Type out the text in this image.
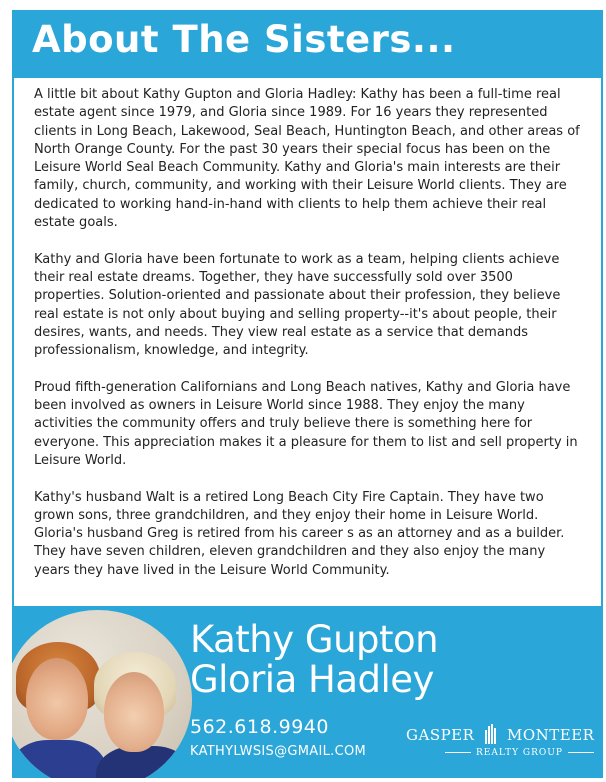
About The Sisters...

A little bit about Kathy Gupton and Gloria Hadley: Kathy has been a full-time real estate agent since 1979, and Gloria since 1989. For 16 years they represented clients in Long Beach, Lakewood, Seal Beach, Huntington Beach, and other areas of North Orange County. For the past 30 years their special focus has been on the Leisure World Seal Beach Community. Kathy and Gloria's main interests are their family, church, community, and working with their Leisure World clients. They are dedicated to working hand-in-hand with clients to help them achieve their real estate goals.

Kathy and Gloria have been fortunate to work as a team, helping clients achieve their real estate dreams. Together, they have successfully sold over 3500 properties. Solution-oriented and passionate about their profession, they believe real estate is not only about buying and selling property--it's about people, their desires, wants, and needs. They view real estate as a service that demands professionalism, knowledge, and integrity.

Proud fifth-generation Californians and Long Beach natives, Kathy and Gloria have been involved as owners in Leisure World since 1988. They enjoy the many activities the community offers and truly believe there is something here for everyone. This appreciation makes it a pleasure for them to list and sell property in Leisure World.

Kathy's husband Walt is a retired Long Beach City Fire Captain. They have two grown sons, three grandchildren, and they enjoy their home in Leisure World. Gloria's husband Greg is retired from his career s as an attorney and as a builder. They have seven children, eleven grandchildren and they also enjoy the many years they have lived in the Leisure World Community.

Kathy Gupton
Gloria Hadley
562.618.9940
KATHYLWSIS@GMAIL.COM
GASPER MONTEER
REALTY GROUP
